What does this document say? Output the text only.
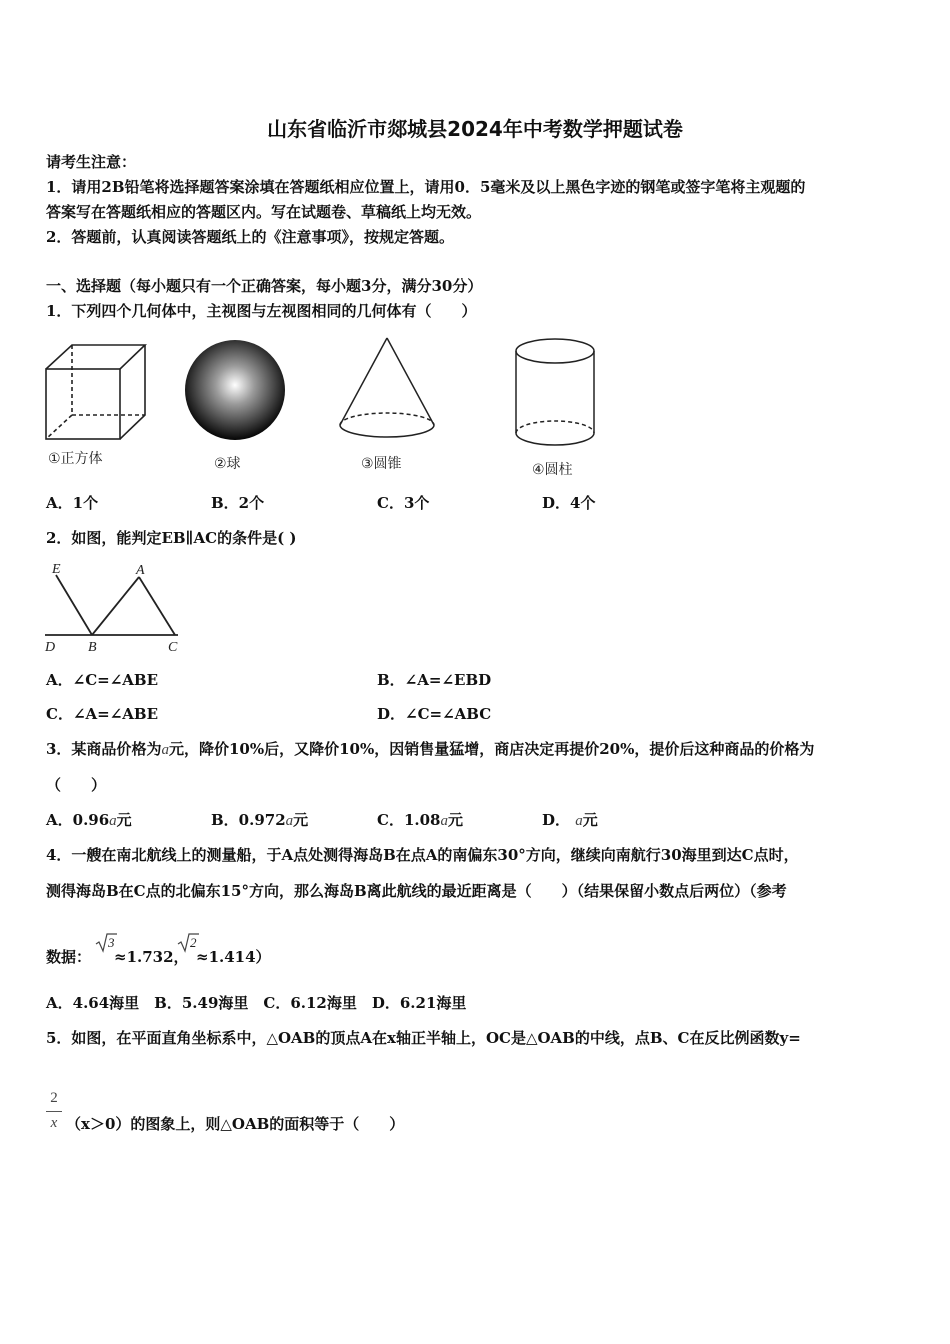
山东省临沂市郯城县2024年中考数学押题试卷
请考生注意：
1．请用2B铅笔将选择题答案涂填在答题纸相应位置上，请用0．5毫米及以上黑色字迹的钢笔或签字笔将主观题的
答案写在答题纸相应的答题区内。写在试题卷、草稿纸上均无效。
2．答题前，认真阅读答题纸上的《注意事项》，按规定答题。
一、选择题（每小题只有一个正确答案，每小题3分，满分30分）
1．下列四个几何体中，主视图与左视图相同的几何体有（　　）
①正方体	②球	③圆锥	④圆柱
A．1个	B．2个	C．3个	D．4个
2．如图，能判定EB∥AC的条件是( )
E	A
D B	C
A．∠C=∠ABE	B．∠A=∠EBD
C．∠A=∠ABE	D．∠C=∠ABC
3．某商品价格为a元，降价10%后，又降价10%，因销售量猛增，商店决定再提价20%，提价后这种商品的价格为
（　　）
A．0.96a元	B．0.972a元	C．1.08a元	D． a元
4．一艘在南北航线上的测量船，于A点处测得海岛B在点A的南偏东30°方向，继续向南航行30海里到达C点时，
测得海岛B在C点的北偏东15°方向，那么海岛B离此航线的最近距离是（　　）（结果保留小数点后两位）（参考
数据：
3
≈1.732，
2
≈1.414）
A．4.64海里　B．5.49海里　C．6.12海里　D．6.21海里
5．如图，在平面直角坐标系中，△OAB的顶点A在x轴正半轴上，OC是△OAB的中线，点B、C在反比例函数y=
2
x （x＞0）的图象上，则△OAB的面积等于（　　）
